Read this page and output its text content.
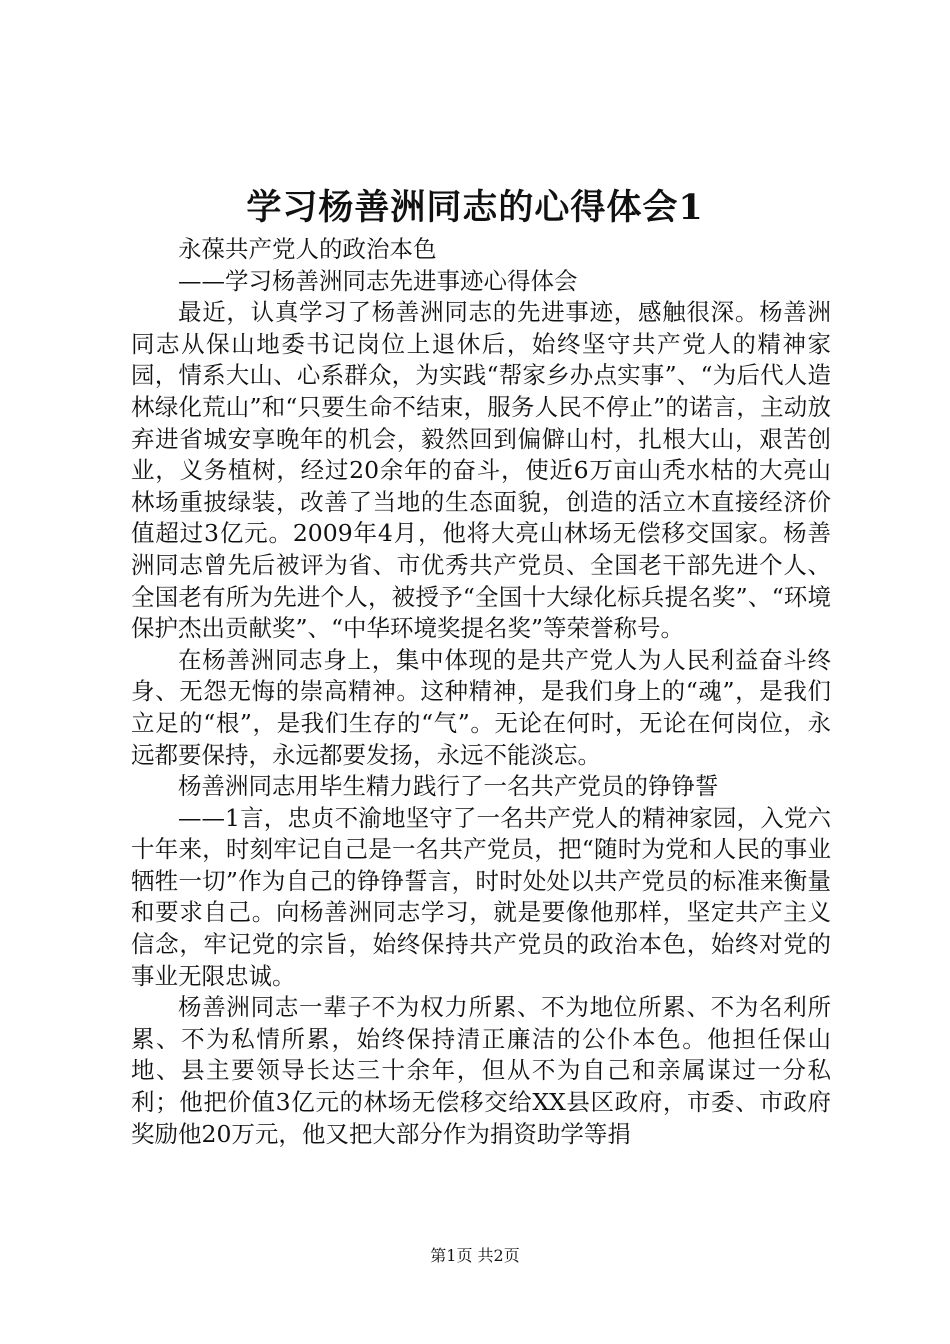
学习杨善洲同志的心得体会1

永葆共产党人的政治本色

——学习杨善洲同志先进事迹心得体会

最近，认真学习了杨善洲同志的先进事迹，感触很深。杨善洲同志从保山地委书记岗位上退休后，始终坚守共产党人的精神家园，情系大山、心系群众，为实践“帮家乡办点实事”、“为后代人造林绿化荒山”和“只要生命不结束，服务人民不停止”的诺言，主动放弃进省城安享晚年的机会，毅然回到偏僻山村，扎根大山，艰苦创业，义务植树，经过20余年的奋斗，使近6万亩山秃水枯的大亮山林场重披绿装，改善了当地的生态面貌，创造的活立木直接经济价值超过3亿元。2009年4月，他将大亮山林场无偿移交国家。杨善洲同志曾先后被评为省、市优秀共产党员、全国老干部先进个人、全国老有所为先进个人，被授予“全国十大绿化标兵提名奖”、“环境保护杰出贡献奖”、“中华环境奖提名奖”等荣誉称号。

在杨善洲同志身上，集中体现的是共产党人为人民利益奋斗终身、无怨无悔的崇高精神。这种精神，是我们身上的“魂”，是我们立足的“根”，是我们生存的“气”。无论在何时，无论在何岗位，永远都要保持，永远都要发扬，永远不能淡忘。

杨善洲同志用毕生精力践行了一名共产党员的铮铮誓

——1言，忠贞不渝地坚守了一名共产党人的精神家园，入党六十年来，时刻牢记自己是一名共产党员，把“随时为党和人民的事业牺牲一切”作为自己的铮铮誓言，时时处处以共产党员的标准来衡量和要求自己。向杨善洲同志学习，就是要像他那样，坚定共产主义信念，牢记党的宗旨，始终保持共产党员的政治本色，始终对党的事业无限忠诚。

杨善洲同志一辈子不为权力所累、不为地位所累、不为名利所累、不为私情所累，始终保持清正廉洁的公仆本色。他担任保山地、县主要领导长达三十余年，但从不为自己和亲属谋过一分私利；他把价值3亿元的林场无偿移交给XX县区政府，市委、市政府奖励他20万元，他又把大部分作为捐资助学等捐

第1页 共2页
